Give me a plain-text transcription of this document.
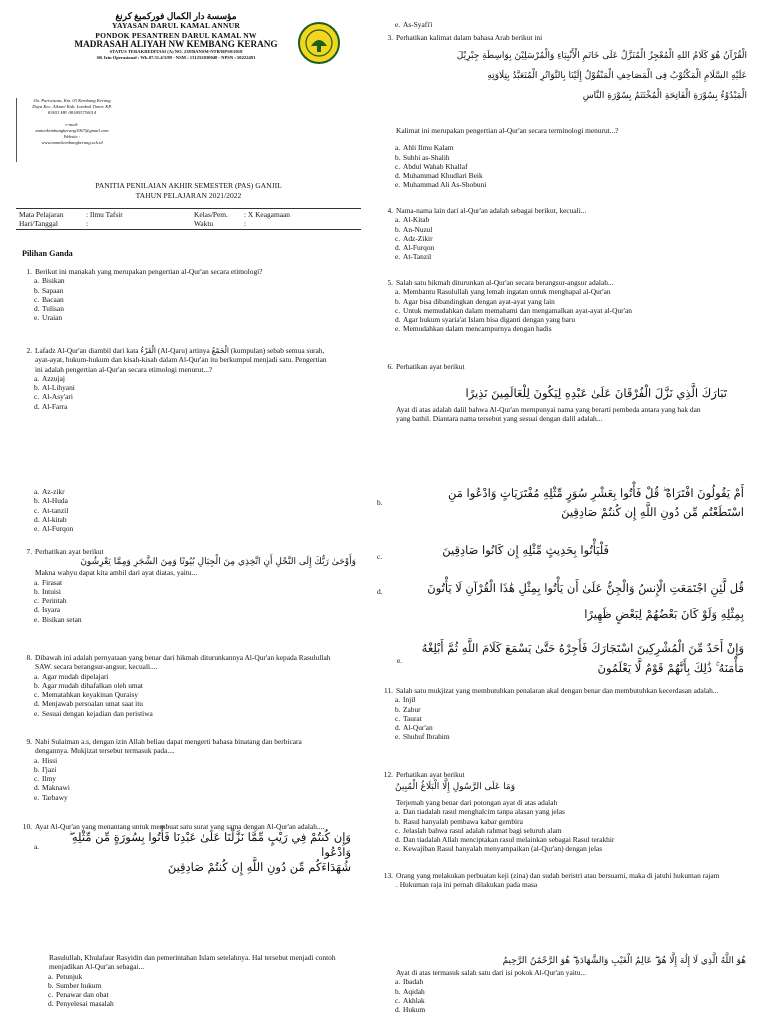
مؤسسة دار الكمال فوركمبغ كرنغ
YAYASAN DARUL KAMAL ANNUR
PONDOK PESANTREN DARUL KAMAL NW
MADRASAH ALIYAH NW KEMBANG KERANG
STATUS TERAKREDITASI (A) NO. 238/BANSM-NTB/RPS0/2018
SK Izin Operasional : Wk.07.51.4/3/89 - NSM : 131252030048 - NPSN : 50222491
Jln. Pariwisata, Km. 03 Kembang Kerang
Daya Kec. Aikmel Kab. Lombok Timur. KP.
83653 HP. 081803750014

e-mail:
mainekembangkerang1967@gmail.com
Website :
www.manekembangkerang.sch.id
PANITIA PENILAIAN AKHIR SEMESTER (PAS) GANJIL
TAHUN PELAJARAN 2021/2022
Mata Pelajaran	: Ilmu Tafsir	Kelas/Pem. : X Keagamaan
Hari/Tanggal	:	Waktu	:
Pilihan Ganda
1. Berikut ini manakah yang merupakan pengertian al-Qur'an secara etimologi?
a. Bisikan
b. Sapaan
c. Bacaan
d. Tulisan
e. Uraian
2. Lafadz Al-Qur'an diambil dari kata الْقَرْءُ (Al-Qaru) artinya الْجَمْعُ (kumpulan) sebab semua surah, ayat-ayat, hukum-hukum dan kisah-kisah dalam Al-Qur'an itu berkumpul menjadi satu. Pengertian ini adalah pengertian al-Qur'an secara etimologi menurut...?
a. Azzujaj
b. Al-Lihyani
c. Al-Asy'ari
d. Al-Farra
a. Az-zikr
b. Al-Huda
c. At-tanzil
d. Al-kitab
e. Al-Furqon
7. Perhatikan ayat berikut
وَأَوْحَىٰ رَبُّكَ إِلَى النَّحْلِ أَنِ اتَّخِذِي مِنَ الْجِبَالِ بُيُوتًا وَمِنَ الشَّجَرِ وَمِمَّا يَعْرِشُونَ
Makna wahyu dapat kita ambil dari ayat diatas, yaitu...
a. Firasat
b. Intuisi
c. Perintah
d. Isyara
e. Bisikan setan
8. Dibawah ini adalah pernyataan yang benar dari hikmah diturunkannya Al-Qur'an kepada Rasulullah SAW. secara berangsur-angsur, kecuali....
a. Agar mudah dipelajari
b. Agar mudah dihafalkan oleh umat
c. Mematahkan keyakinan Quraisy
d. Menjawab persoalan umat saat itu
e. Sesuai dengan kejadian dan peristiwa
9. Nabi Sulaiman a.s, dengan izin Allah beliau dapat mengerti bahasa binatang dan berbicara dengannya. Mukjizat tersebut termasuk pada....
a. Hissi
b. I'jazi
c. Ilmy
d. Maknawi
e. Tarbawy
10. Ayat Al-Qur'an yang menantang untuk membuat satu surat yang sama dengan Al-Qur'an adalah....
a.
وَإِن كُنتُمْ فِي رَيْبٍ مِّمَّا نَزَّلْنَا عَلَىٰ عَبْدِنَا فَأْتُوا بِسُورَةٍ مِّن مِّثْلِهِ ۖ وَادْعُوا
شُهَدَاءَكُم مِّن دُونِ اللَّهِ إِن كُنتُمْ صَادِقِينَ
Rasulullah, Khulafaur Rasyidin dan pemerintahan Islam setelahnya. Hal tersebut menjadi contoh menjadikan Al-Qur'an sebagai...
a. Petunjuk
b. Sumber hukum
c. Penawar dan obat
d. Penyelesai masalah
e. As-Syafi'i
3. Perhatikan kalimat dalam bahasa Arab berikut ini
الْقُرْآنُ هُوَ كَلَامُ اللهِ الْمُعْجِزُ الْمُنَزَّلُ عَلَى خَاتَمِ الْأَنْبِيَاءِ وَالْمُرْسَلِيْنَ بِوَاسِطَةِ جِبْرِيْلَ
عَلَيْهِ السَّلَامِ الْمَكْتُوْبُ فِى الْمَصَاحِفِ الْمَنْقُوْلُ إِلَيْنَا بِالتَّوَاتُرِ الْمُتَعَبَّدُ بِتِلَاوَتِهِ
الْمَبْدُوْءُ بِسُوْرَةِ الْفَاتِحَةِ الْمُخْتَتَمُ بِسُوْرَةِ النَّاسِ
Kalimat ini merupakan pengertian al-Qur'an secara terminologi menurut...?
a. Ahli Ilmu Kalam
b. Subhi as-Shalih
c. Abdul Wahab Khallaf
d. Muhammad Khudlari Beik
e. Muhammad Ali As-Shobuni
4. Nama-nama lain dari al-Qur'an adalah sebagai berikut, kecuali...
a. Al-Kitab
b. An-Nuzul
c. Adz-Zikir
d. Al-Furqon
e. At-Tanzil
5. Salah satu hikmah diturunkan al-Qur'an secara berangsur-angsur adalah...
a. Membantu Rasulullah yang lemah ingatan untuk menghapal al-Qur'an
b. Agar bisa dibandingkan dengan ayat-ayat yang lain
c. Untuk memudahkan dalam memahami dan mengamalkan ayat-ayat al-Qur'an
d. Agar hukum syaria'at Islam bisa diganti dengan yang baru
e. Memudahkan dalam mencampurnya dengan hadis
6. Perhatikan ayat berikut
تَبَارَكَ الَّذِي نَزَّلَ الْفُرْقَانَ عَلَىٰ عَبْدِهِ لِيَكُونَ لِلْعَالَمِينَ نَذِيرًا
Ayat di atas adalah dalil bahwa Al-Qur'an mempunyai nama yang berarti pembeda antara yang hak dan yang bathil. Diantara nama tersebut yang sesuai dengan dalil adalah...
b.
أَمْ يَقُولُونَ افْتَرَاهُ ۖ قُلْ فَأْتُوا بِعَشْرِ سُوَرٍ مِّثْلِهِ مُفْتَرَيَاتٍ وَادْعُوا مَنِ
اسْتَطَعْتُم مِّن دُونِ اللَّهِ إِن كُنتُمْ صَادِقِينَ
c.	فَلْيَأْتُوا بِحَدِيثٍ مِّثْلِهِ إِن كَانُوا صَادِقِينَ
d.	قُل لَّئِنِ اجْتَمَعَتِ الْإِنسُ وَالْجِنُّ عَلَىٰ أَن يَأْتُوا بِمِثْلِ هَٰذَا الْقُرْآنِ لَا يَأْتُونَ
بِمِثْلِهِ وَلَوْ كَانَ بَعْضُهُمْ لِبَعْضٍ ظَهِيرًا
e.
وَإِنْ أَحَدٌ مِّنَ الْمُشْرِكِينَ اسْتَجَارَكَ فَأَجِرْهُ حَتَّىٰ يَسْمَعَ كَلَامَ اللَّهِ ثُمَّ أَبْلِغْهُ
مَأْمَنَهُ ۚ ذَٰلِكَ بِأَنَّهُمْ قَوْمٌ لَّا يَعْلَمُونَ
11. Salah satu mukjizat yang membutuhkan penalaran akal dengan benar dan membutuhkan kecerdasan adalah...
a. Injil
b. Zabur
c. Taurat
d. Al-Qur'an
e. Shuhuf Ibrahim
12. Perhatikan ayat berikut
وَمَا عَلَى الرَّسُولِ إِلَّا الْبَلَاغُ الْمُبِينُ
Terjemah yang benar dari potongan ayat di atas adalah
a. Dan tiadalah rasul menghalcim tanpa alasan yang jelas
b. Rasul hanyalah pembawa kabar gembira
c. Jelaslah bahwa rasul adalah rahmat bagi seluruh alam
d. Dan tiadalah Allah menciptakan rasul melainkan sebagai Rasul terakhir
e. Kewajiban Rasul hanyalah menyampaikan (al-Qur'an) dengan jelas
13. Orang yang melakukan perbuatan keji (zina) dan sudah beristri atau bersuami, maka di jatuhi hukuman rajam . Hukuman raja ini pernah dilakukan pada masa
هُوَ اللَّهُ الَّذِي لَا إِلَٰهَ إِلَّا هُوَ ۖ عَالِمُ الْغَيْبِ وَالشَّهَادَةِ ۖ هُوَ الرَّحْمَٰنُ الرَّحِيمُ
Ayat di atas termasuk salah satu dari isi pokok Al-Qur'an yaitu...
a. Ibadah
b. Aqidah
c. Akhlak
d. Hukum
